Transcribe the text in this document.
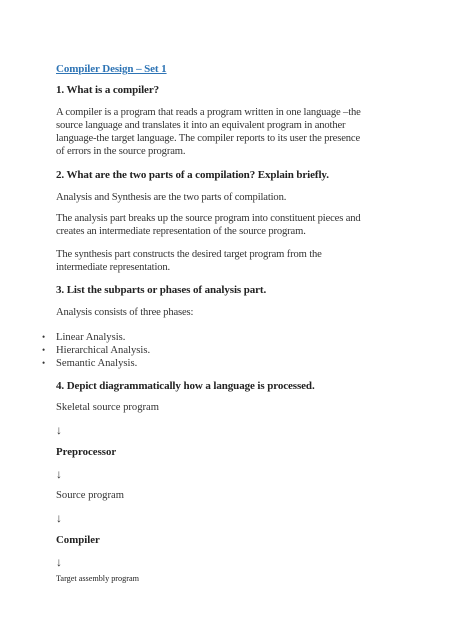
Compiler Design – Set 1
1. What is a compiler?
A compiler is a program that reads a program written in one language –the
source language and translates it into an equivalent program in another
language-the target language. The compiler reports to its user the presence
of errors in the source program.
2. What are the two parts of a compilation? Explain briefly.
Analysis and Synthesis are the two parts of compilation.
The analysis part breaks up the source program into constituent pieces and
creates an intermediate representation of the source program.
The synthesis part constructs the desired target program from the
intermediate representation.
3. List the subparts or phases of analysis part.
Analysis consists of three phases:
• Linear Analysis.
• Hierarchical Analysis.
• Semantic Analysis.
4. Depict diagrammatically how a language is processed.
Skeletal source program
↓
Preprocessor
↓
Source program
↓
Compiler
↓
Target assembly program
